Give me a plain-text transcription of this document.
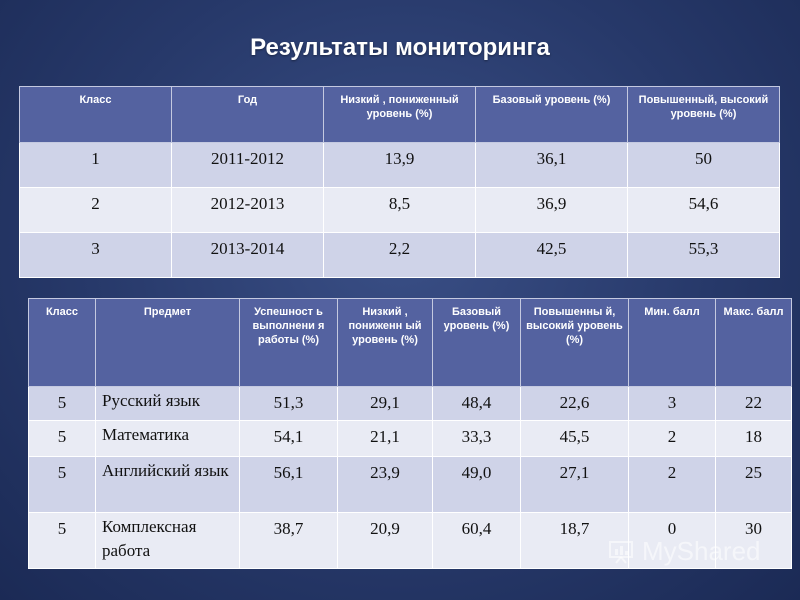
Результаты мониторинга
Класс	Год	Низкий , пониженный уровень (%)	Базовый уровень (%)	Повышенный, высокий уровень (%)
1	2011-2012	13,9	36,1	50
2	2012-2013	8,5	36,9	54,6
3	2013-2014	2,2	42,5	55,3
Класс	Предмет	Успешност ь выполнени я работы (%)	Низкий , пониженн ый уровень (%)	Базовый уровень (%)	Повышенны й, высокий уровень (%)	Мин. балл	Макс. балл
5	Русский язык	51,3	29,1	48,4	22,6	3	22
5	Математика	54,1	21,1	33,3	45,5	2	18
5	Английский язык	56,1	23,9	49,0	27,1	2	25
5	Комплексная работа	38,7	20,9	60,4	18,7	0	30
MyShared
